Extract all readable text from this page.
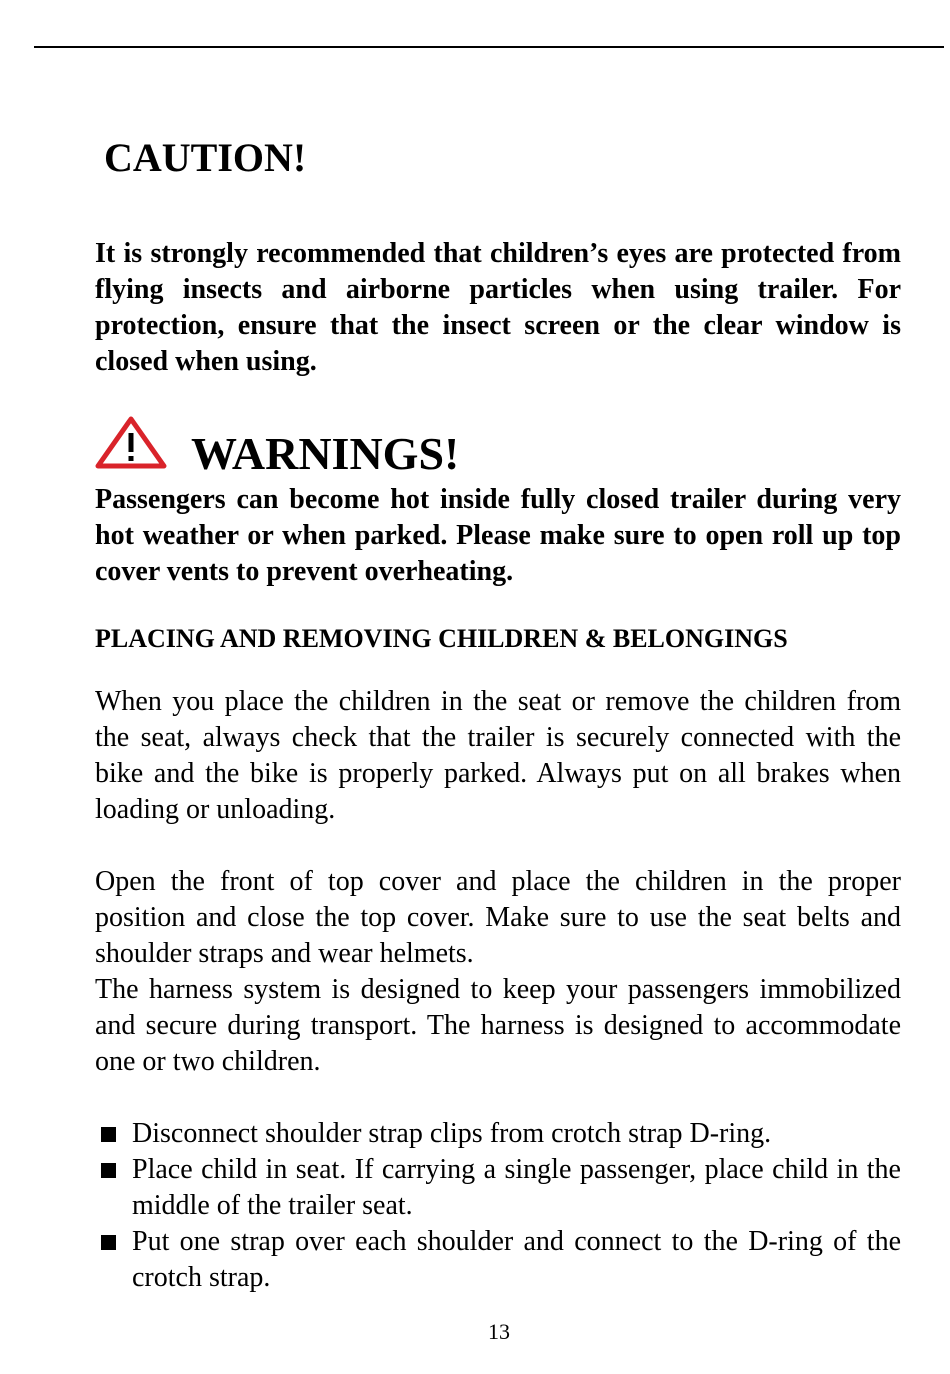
CAUTION!

It is strongly recommended that children’s eyes are protected from flying insects and airborne particles when using trailer. For protection, ensure that the insect screen or the clear window is closed when using.

WARNINGS!

Passengers can become hot inside fully closed trailer during very hot weather or when parked. Please make sure to open roll up top cover vents to prevent overheating.

PLACING AND REMOVING CHILDREN & BELONGINGS

When you place the children in the seat or remove the children from the seat, always check that the trailer is securely connected with the bike and the bike is properly parked. Always put on all brakes when loading or unloading.

Open the front of top cover and place the children in the proper position and close the top cover. Make sure to use the seat belts and shoulder straps and wear helmets.

The harness system is designed to keep your passengers immobilized and secure during transport. The harness is designed to accommodate one or two children.

Disconnect shoulder strap clips from crotch strap D-ring.
Place child in seat. If carrying a single passenger, place child in the middle of the trailer seat.
Put one strap over each shoulder and connect to the D-ring of the crotch strap.
13
